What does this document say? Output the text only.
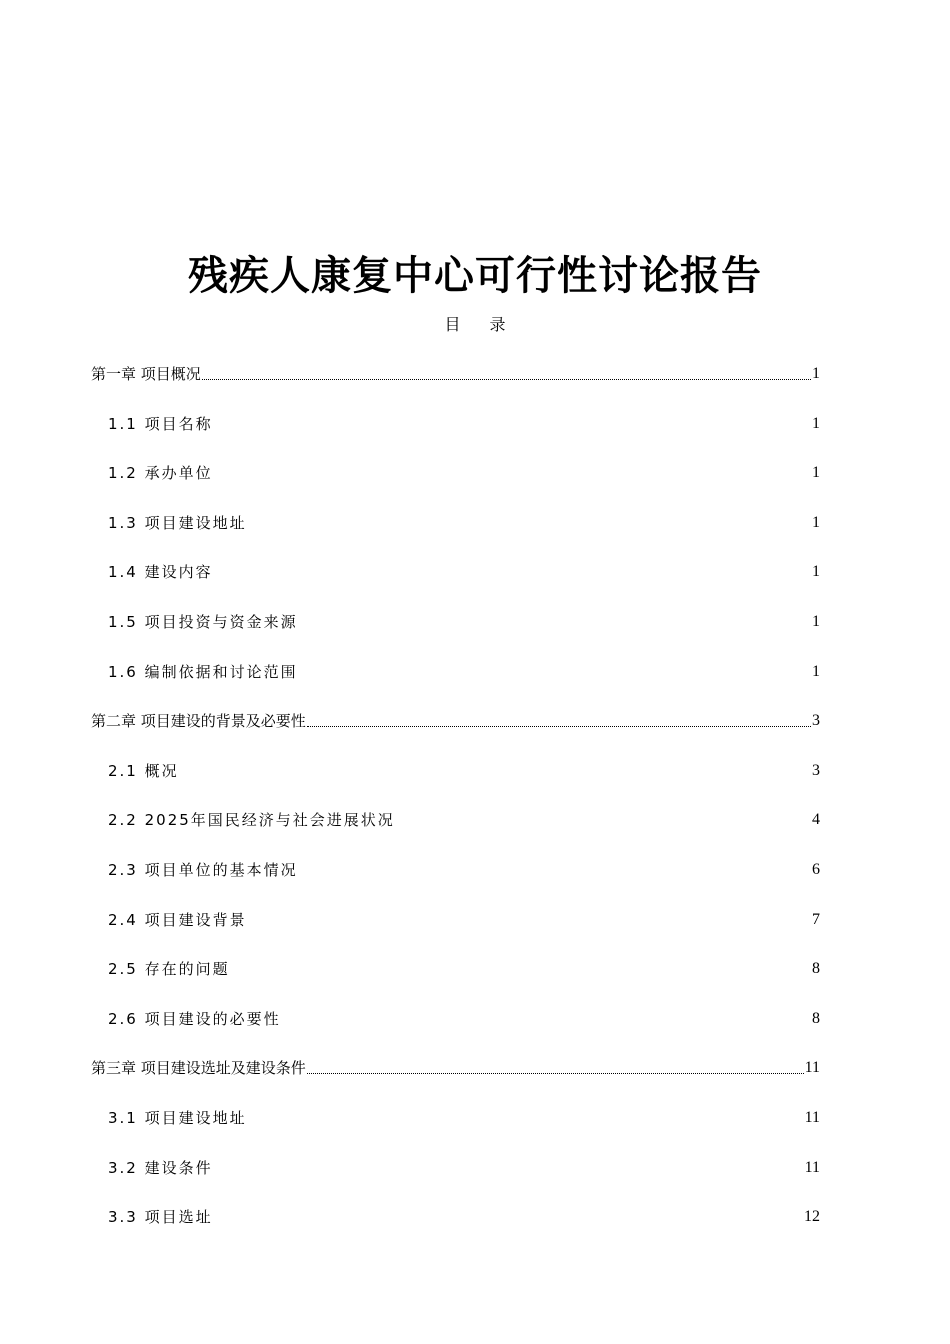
残疾人康复中心可行性讨论报告
目 录
第一章 项目概况	1
1.1 项目名称	1
1.2 承办单位	1
1.3 项目建设地址	1
1.4 建设内容	1
1.5 项目投资与资金来源	1
1.6 编制依据和讨论范围	1
第二章 项目建设的背景及必要性	3
2.1 概况	3
2.2 2025年国民经济与社会进展状况	4
2.3 项目单位的基本情况	6
2.4 项目建设背景	7
2.5 存在的问题	8
2.6 项目建设的必要性	8
第三章 项目建设选址及建设条件	11
3.1 项目建设地址	11
3.2 建设条件	11
3.3 项目选址	12
